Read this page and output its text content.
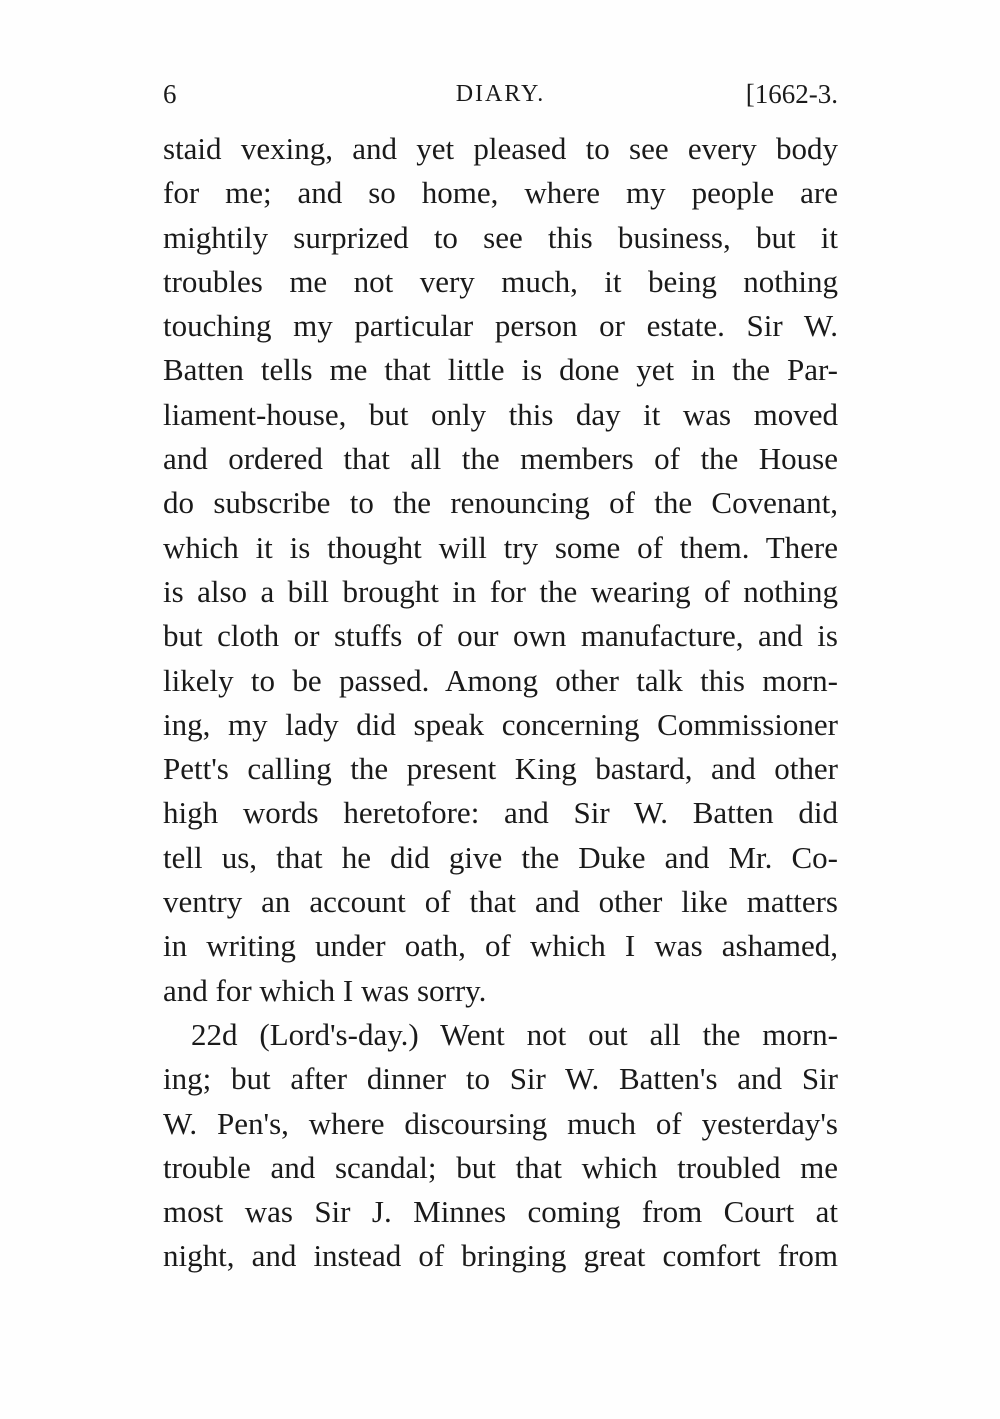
6	DIARY.	[1662-3.
staid vexing, and yet pleased to see every body
for me; and so home, where my people are
mightily surprized to see this business, but it
troubles me not very much, it being nothing
touching my particular person or estate. Sir W.
Batten tells me that little is done yet in the Par-
liament-house, but only this day it was moved
and ordered that all the members of the House
do subscribe to the renouncing of the Covenant,
which it is thought will try some of them. There
is also a bill brought in for the wearing of nothing
but cloth or stuffs of our own manufacture, and is
likely to be passed. Among other talk this morn-
ing, my lady did speak concerning Commissioner
Pett's calling the present King bastard, and other
high words heretofore: and Sir W. Batten did
tell us, that he did give the Duke and Mr. Co-
ventry an account of that and other like matters
in writing under oath, of which I was ashamed,
and for which I was sorry.
22d (Lord's-day.) Went not out all the morn-
ing; but after dinner to Sir W. Batten's and Sir
W. Pen's, where discoursing much of yesterday's
trouble and scandal; but that which troubled me
most was Sir J. Minnes coming from Court at
night, and instead of bringing great comfort from
